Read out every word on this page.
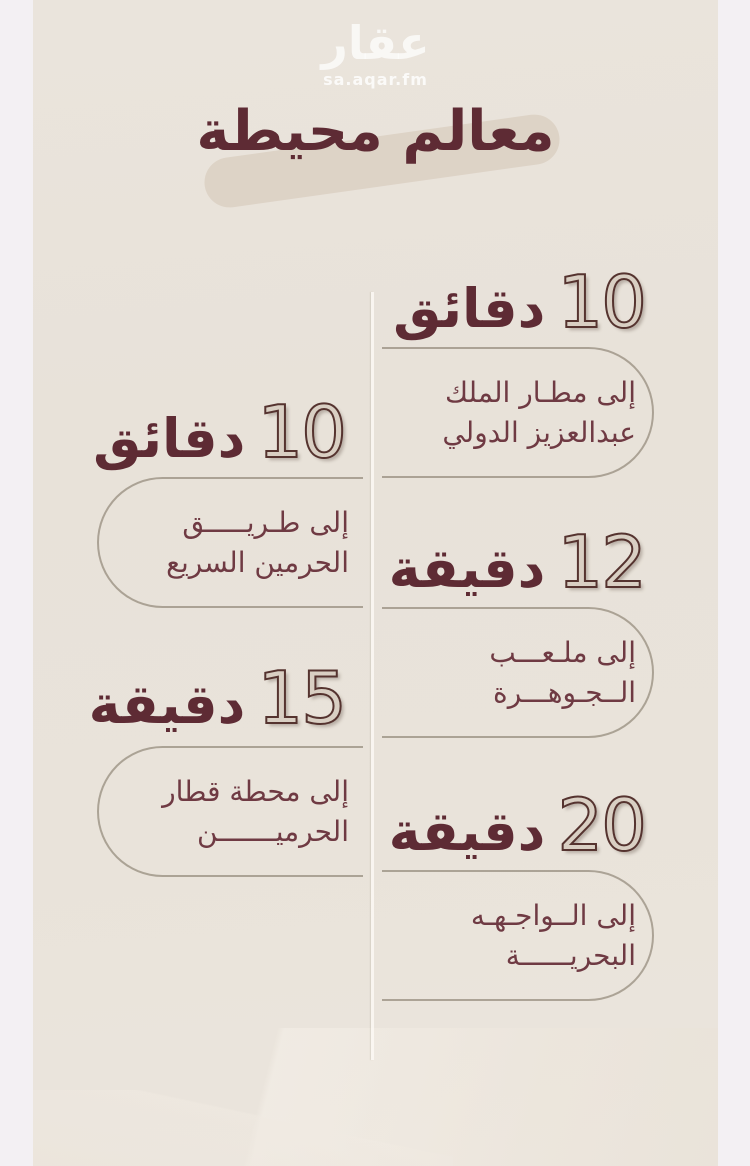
عقار
sa.aqar.fm
معالم محيطة
10
دقائق
إلى مطـار الملك
عبدالعزيز الدولي
10
دقائق
إلى طـريـــــق
الحرمين السريع	12
دقيقة
إلى ملـعـــب
الــجـوهـــرة
15
دقيقة
إلى محطة قطار
الحرميـــــــن	20
دقيقة
إلى الــواجـهـه
البحريــــــة
